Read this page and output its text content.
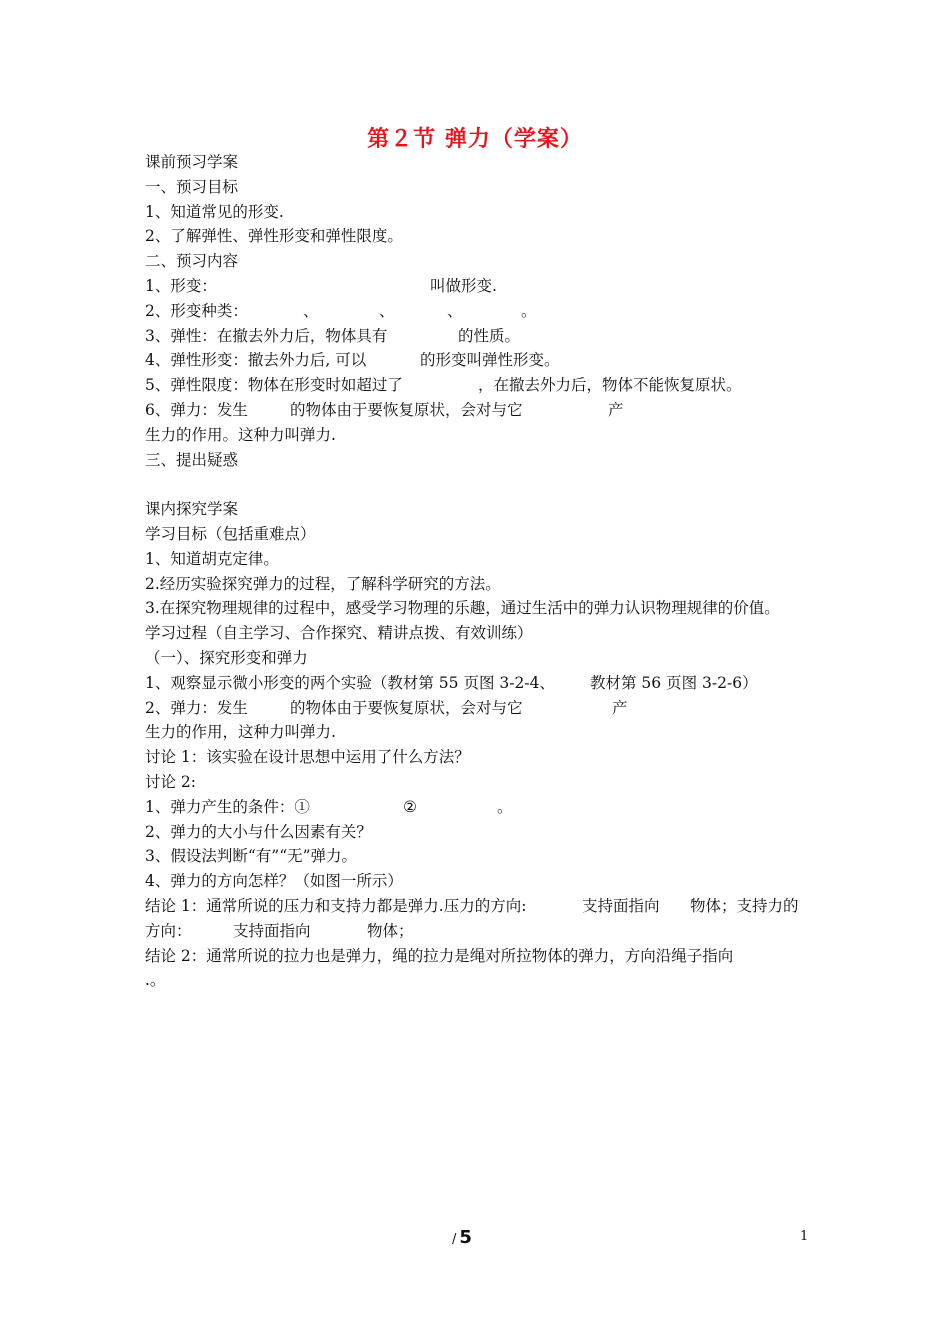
第２节 弹力（学案）
课前预习学案
一、预习目标
1、知道常见的形变.
2、了解弹性、弹性形变和弹性限度。
二、预习内容
1、形变：	叫做形变.
2、形变种类：	、	、	、	。
3、弹性：在撤去外力后，物体具有	的性质。
4、弹性形变：撤去外力后, 可以	的形变叫弹性形变。
5、弹性限度：物体在形变时如超过了	，在撤去外力后，物体不能恢复原状。
6、弹力：发生	的物体由于要恢复原状，会对与它	产
生力的作用。这种力叫弹力.
三、提出疑惑
课内探究学案
学习目标（包括重难点）
1、知道胡克定律。
2.经历实验探究弹力的过程，了解科学研究的方法。
3.在探究物理规律的过程中，感受学习物理的乐趣，通过生活中的弹力认识物理规律的价值。
学习过程（自主学习、合作探究、精讲点拨、有效训练）
（一）、探究形变和弹力
1、观察显示微小形变的两个实验（教材第 55 页图 3-2-4、 教材第 56 页图 3-2-6）
2、弹力：发生	的物体由于要恢复原状，会对与它	产
生力的作用，这种力叫弹力.
讨论 1：该实验在设计思想中运用了什么方法？
讨论 2:
1、弹力产生的条件：①	②	。
2、弹力的大小与什么因素有关？
3、假设法判断“有”“无”弹力。
4、弹力的方向怎样？（如图一所示）
结论 1：通常所说的压力和支持力都是弹力.压力的方向:	支持面指向 物体；支持力的
方向：	支持面指向	物体；
结论 2：通常所说的拉力也是弹力，绳的拉力是绳对所拉物体的弹力，方向沿绳子指向
.。
/ 5	1
